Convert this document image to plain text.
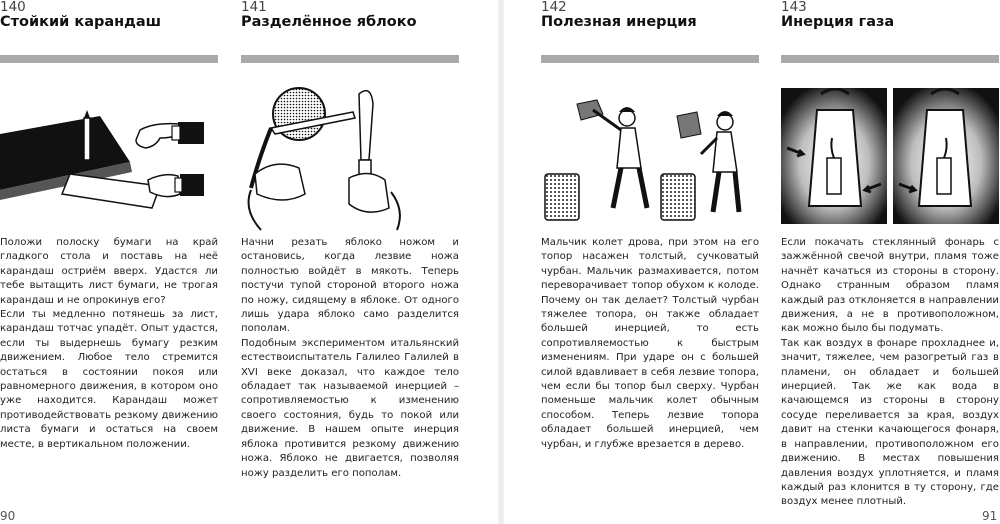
140
Стойкий карандаш

Положи полоску бумаги на край гладкого стола и поставь на неё карандаш остриём вверх. Удастся ли тебе вытащить лист бумаги, не трогая карандаш и не опрокинув его?

Если ты медленно потянешь за лист, карандаш тотчас упадёт. Опыт удастся, если ты выдернешь бумагу резким движением. Любое тело стремится остаться в состоянии покоя или равномерного движения, в котором оно уже находится. Карандаш может противодействовать резкому движению листа бумаги и остаться на своем месте, в вертикальном положении.

141
Разделённое яблоко

Начни резать яблоко ножом и остановись, когда лезвие ножа полностью войдёт в мякоть. Теперь постучи тупой стороной второго ножа по ножу, сидящему в яблоке. От одного лишь удара яблоко само разделится пополам.

Подобным экспериментом итальянский естествоиспытатель Галилео Галилей в XVI веке доказал, что каждое тело обладает так называемой инерцией – сопротивляемостью к изменению своего состояния, будь то покой или движение. В нашем опыте инерция яблока противится резкому движению ножа. Яблоко не двигается, позволяя ножу разделить его пополам.

142
Полезная инерция

Мальчик колет дрова, при этом на его топор насажен толстый, сучковатый чурбан. Мальчик размахивается, потом переворачивает топор обухом к колоде. Почему он так делает? Толстый чурбан тяжелее топора, он также обладает большей инерцией, то есть сопротивляемостью к быстрым изменениям. При ударе он с большей силой вдавливает в себя лезвие топора, чем если бы топор был сверху. Чурбан поменьше мальчик колет обычным способом. Теперь лезвие топора обладает большей инерцией, чем чурбан, и глубже врезается в дерево.

143
Инерция газа

Если покачать стеклянный фонарь с зажжённой свечой внутри, пламя тоже начнёт качаться из стороны в сторону. Однако странным образом пламя каждый раз отклоняется в направлении движения, а не в противоположном, как можно было бы подумать.

Так как воздух в фонаре прохладнее и, значит, тяжелее, чем разогретый газ в пламени, он обладает и большей инерцией. Так же как вода в качающемся из стороны в сторону сосуде переливается за края, воздух давит на стенки качающегося фонаря, в направлении, противоположном его движению. В местах повышения давления воздух уплотняется, и пламя каждый раз клонится в ту сторону, где воздух менее плотный.

90	91
